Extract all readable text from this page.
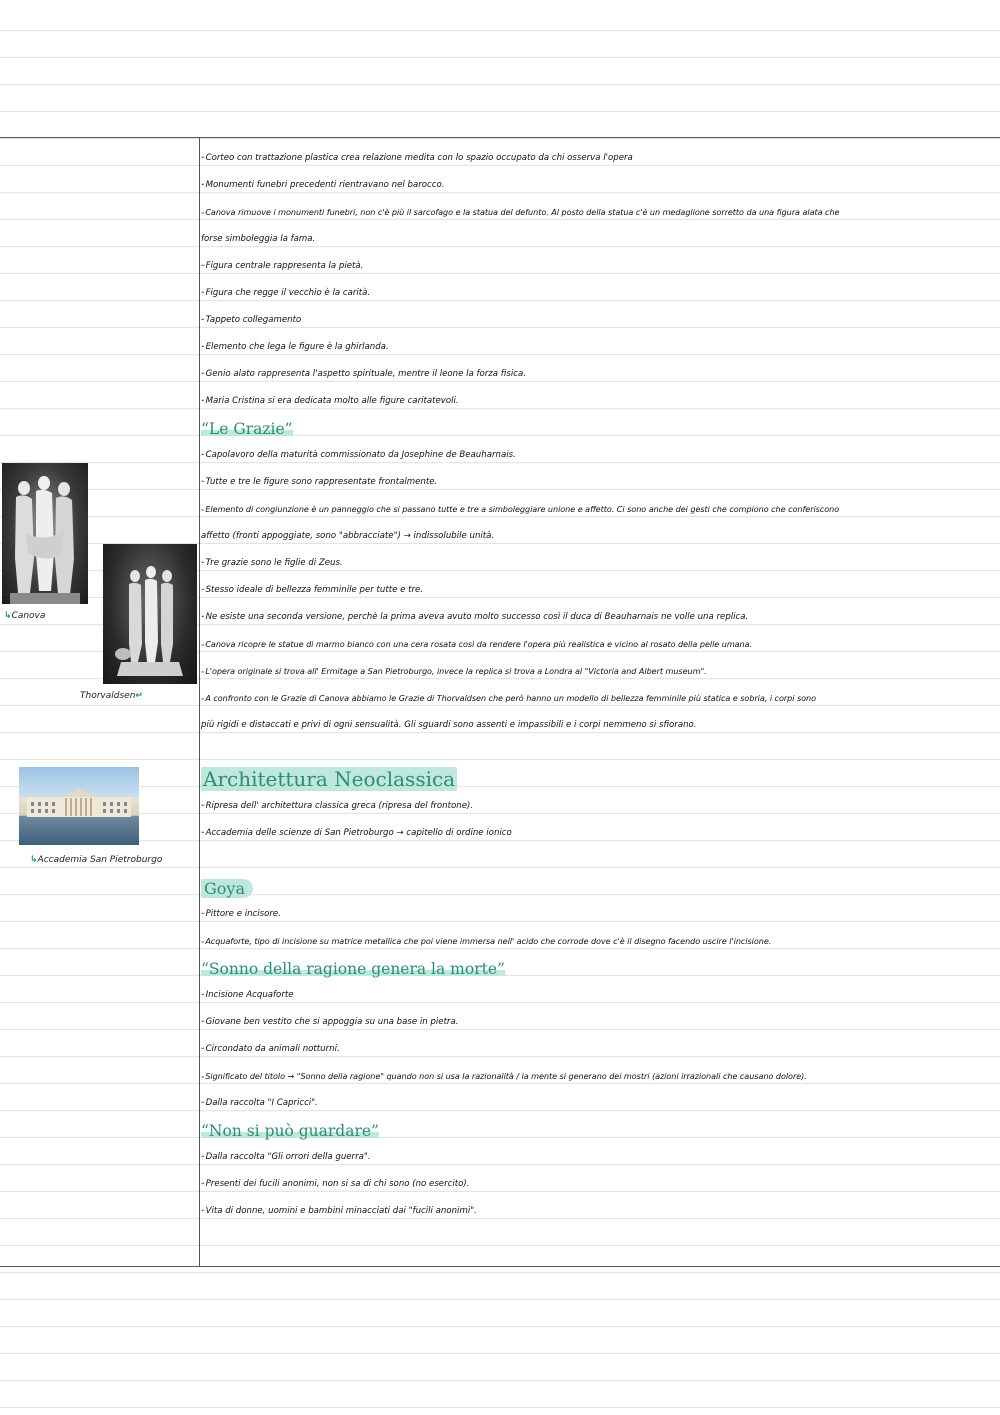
↳Canova
Thorvaldsen↵
↳Accademia San Pietroburgo
-Corteo con trattazione plastica crea relazione medita con lo spazio occupato da chi osserva l'opera
-Monumenti funebri precedenti rientravano nel barocco.
-Canova rimuove i monumenti funebri, non c'è più il sarcofago e la statua del defunto. Al posto della statua c'è un medaglione sorretto da una figura alata che
forse simboleggia la fama.
-Figura centrale rappresenta la pietà.
-Figura che regge il vecchio è la carità.
-Tappeto collegamento
-Elemento che lega le figure è la ghirlanda.
-Genio alato rappresenta l'aspetto spirituale, mentre il leone la forza fisica.
-Maria Cristina si era dedicata molto alle figure caritatevoli.
“Le Grazie”
-Capolavoro della maturità commissionato da Josephine de Beauharnais.
-Tutte e tre le figure sono rappresentate frontalmente.
-Elemento di congiunzione è un panneggio che si passano tutte e tre a simboleggiare unione e affetto. Ci sono anche dei gesti che compiono che conferiscono
affetto (fronti appoggiate, sono "abbracciate") → indissolubile unità.
-Tre grazie sono le figlie di Zeus.
-Stesso ideale di bellezza femminile per tutte e tre.
-Ne esiste una seconda versione, perchè la prima aveva avuto molto successo così il duca di Beauharnais ne volle una replica.
-Canova ricopre le statue di marmo bianco con una cera rosata così da rendere l'opera più realistica e vicino al rosato della pelle umana.
-L'opera originale si trova all' Ermitage a San Pietroburgo, invece la replica si trova a Londra al "Victoria and Albert museum".
-A confronto con le Grazie di Canova abbiamo le Grazie di Thorvaldsen che però hanno un modello di bellezza femminile più statica e sobria, i corpi sono
più rigidi e distaccati e privi di ogni sensualità. Gli sguardi sono assenti e impassibili e i corpi nemmeno si sfiorano.
Architettura Neoclassica
-Ripresa dell' architettura classica greca (ripresa del frontone).
-Accademia delle scienze di San Pietroburgo → capitello di ordine ionico
Goya
-Pittore e incisore.
-Acquaforte, tipo di incisione su matrice metallica che poi viene immersa nell' acido che corrode dove c'è il disegno facendo uscire l'incisione.
“Sonno della ragione genera la morte”
-Incisione Acquaforte
-Giovane ben vestito che si appoggia su una base in pietra.
-Circondato da animali notturni.
-Significato del titolo → "Sonno della ragione" quando non si usa la razionalità / la mente si generano dei mostri (azioni irrazionali che causano dolore).
-Dalla raccolta "I Capricci".
“Non si può guardare”
-Dalla raccolta "Gli orrori della guerra".
-Presenti dei fucili anonimi, non si sa di chi sono (no esercito).
-Vita di donne, uomini e bambini minacciati dai "fucili anonimi".
